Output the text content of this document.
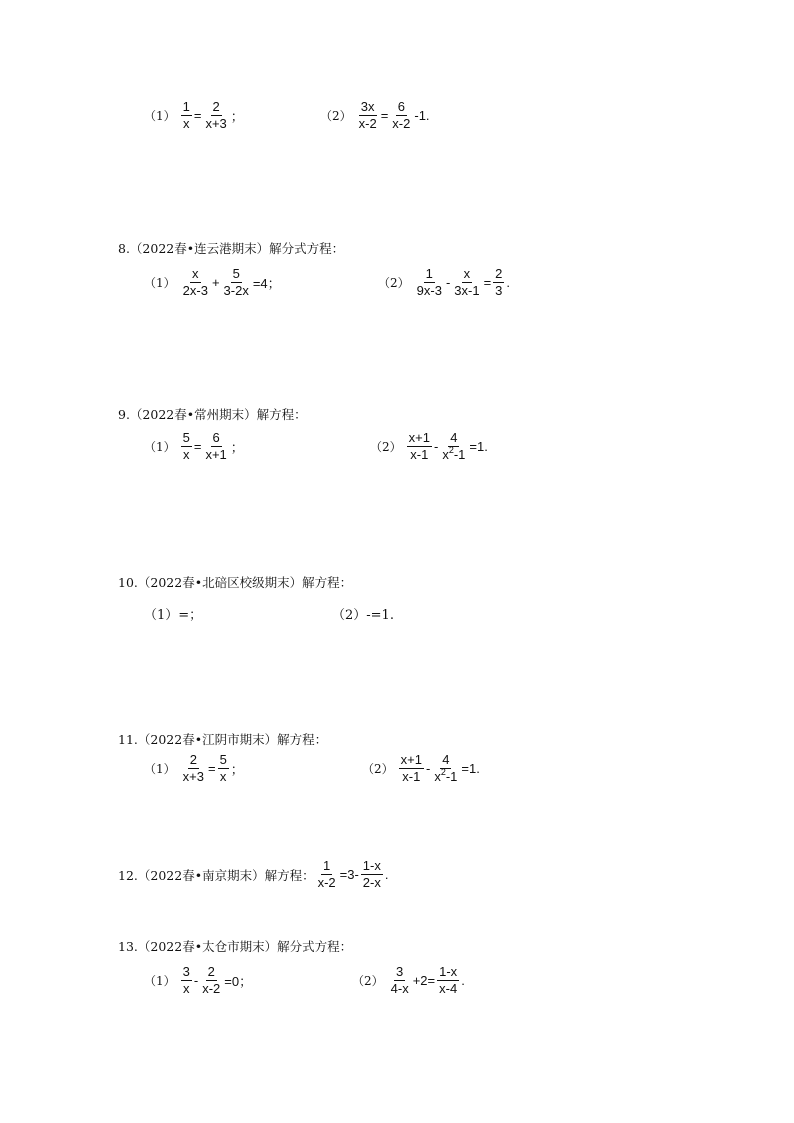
$(1) \frac{1}{x} = \frac{2}{x+3}$ ；	$(2) \frac{3x}{x-2} = \frac{6}{x-2} -1$.
8.（2022春•连云港期末）解分式方程：
$(1) \frac{x}{2x-3} + \frac{5}{3-2x} =4$；	$(2) \frac{1}{9x-3} - \frac{x}{3x-1} = \frac{2}{3}$ .
9.（2022春•常州期末）解方程：
$(1) \frac{5}{x} = \frac{6}{x+1}$ ；	$(2) \frac{x+1}{x-1} - \frac{4}{x^2-1} =1$.
10.（2022春•北碚区校级期末）解方程：
（1）=；	（2）-=1.
11.（2022春•江阴市期末）解方程：
$(1) \frac{2}{x+3} = \frac{5}{x}$ ；	$(2) \frac{x+1}{x-1} - \frac{4}{x^2-1} =1$.
12.（2022春•南京期末）解方程： $\frac{1}{x-2} =3- \frac{1-x}{2-x}$ .
13.（2022春•太仓市期末）解分式方程：
$(1) \frac{3}{x} - \frac{2}{x-2} =0$；	$(2) \frac{3}{4-x} +2= \frac{1-x}{x-4}$ .
